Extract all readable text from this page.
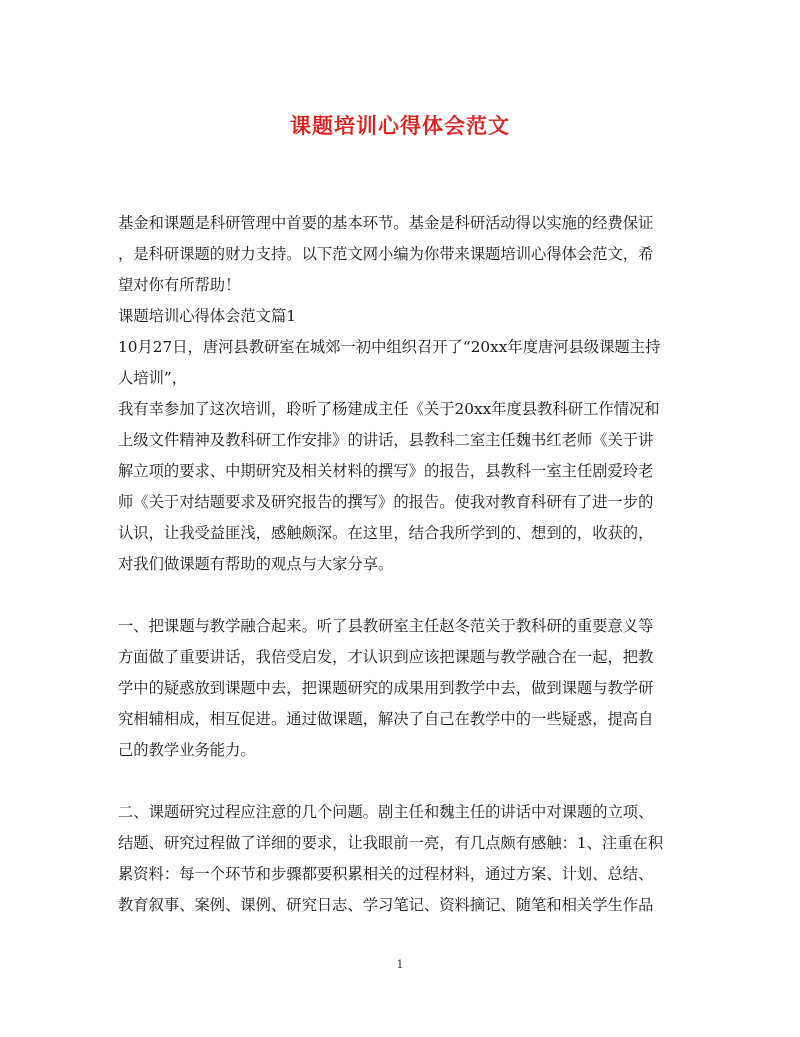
课题培训心得体会范文
基金和课题是科研管理中首要的基本环节。基金是科研活动得以实施的经费保证
，是科研课题的财力支持。以下范文网小编为你带来课题培训心得体会范文，希
望对你有所帮助！
课题培训心得体会范文篇1
10月27日，唐河县教研室在城郊一初中组织召开了“20xx年度唐河县级课题主持
人培训”，
我有幸参加了这次培训，聆听了杨建成主任《关于20xx年度县教科研工作情况和
上级文件精神及教科研工作安排》的讲话，县教科二室主任魏书红老师《关于讲
解立项的要求、中期研究及相关材料的撰写》的报告，县教科一室主任剧爱玲老
师《关于对结题要求及研究报告的撰写》的报告。使我对教育科研有了进一步的
认识，让我受益匪浅，感触颇深。在这里，结合我所学到的、想到的，收获的，
对我们做课题有帮助的观点与大家分享。
一、把课题与教学融合起来。听了县教研室主任赵冬范关于教科研的重要意义等
方面做了重要讲话，我倍受启发，才认识到应该把课题与教学融合在一起，把教
学中的疑惑放到课题中去，把课题研究的成果用到教学中去，做到课题与教学研
究相辅相成，相互促进。通过做课题，解决了自己在教学中的一些疑惑，提高自
己的教学业务能力。
二、课题研究过程应注意的几个问题。剧主任和魏主任的讲话中对课题的立项、
结题、研究过程做了详细的要求，让我眼前一亮，有几点颇有感触：1、注重在积
累资料：每一个环节和步骤都要积累相关的过程材料，通过方案、计划、总结、
教育叙事、案例、课例、研究日志、学习笔记、资料摘记、随笔和相关学生作品
1
